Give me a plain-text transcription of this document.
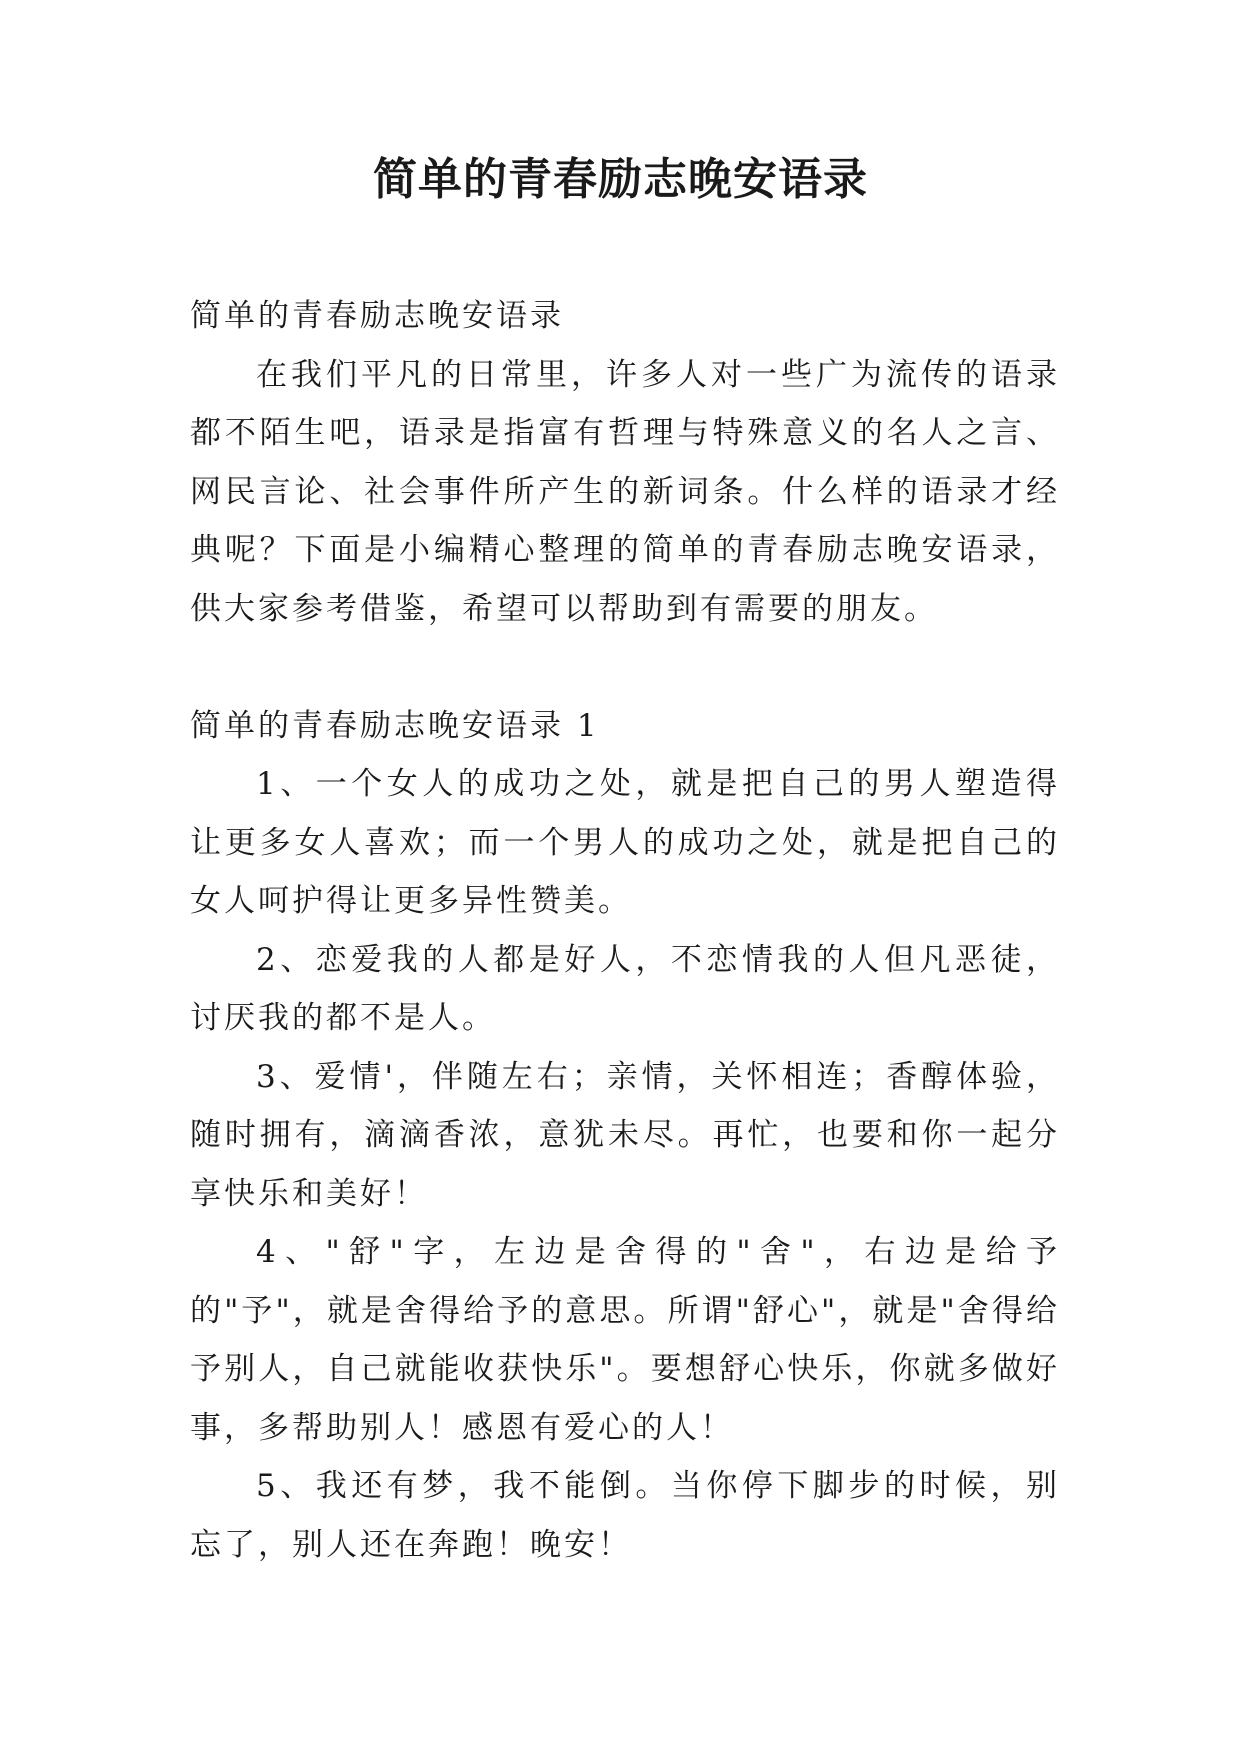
简单的青春励志晚安语录

简单的青春励志晚安语录

在我们平凡的日常里，许多人对一些广为流传的语录都不陌生吧，语录是指富有哲理与特殊意义的名人之言、网民言论、社会事件所产生的新词条。什么样的语录才经典呢？下面是小编精心整理的简单的青春励志晚安语录，供大家参考借鉴，希望可以帮助到有需要的朋友。

简单的青春励志晚安语录 1

1、一个女人的成功之处，就是把自己的男人塑造得让更多女人喜欢；而一个男人的成功之处，就是把自己的女人呵护得让更多异性赞美。

2、恋爱我的人都是好人，不恋情我的人但凡恶徒，讨厌我的都不是人。

3、爱情'，伴随左右；亲情，关怀相连；香醇体验，随时拥有，滴滴香浓，意犹未尽。再忙，也要和你一起分享快乐和美好！

4、"舒"字，左边是舍得的"舍"，右边是给予的"予"，就是舍得给予的意思。所谓"舒心"，就是"舍得给予别人，自己就能收获快乐"。要想舒心快乐，你就多做好事，多帮助别人！感恩有爱心的人！

5、我还有梦，我不能倒。当你停下脚步的时候，别忘了，别人还在奔跑！晚安！
